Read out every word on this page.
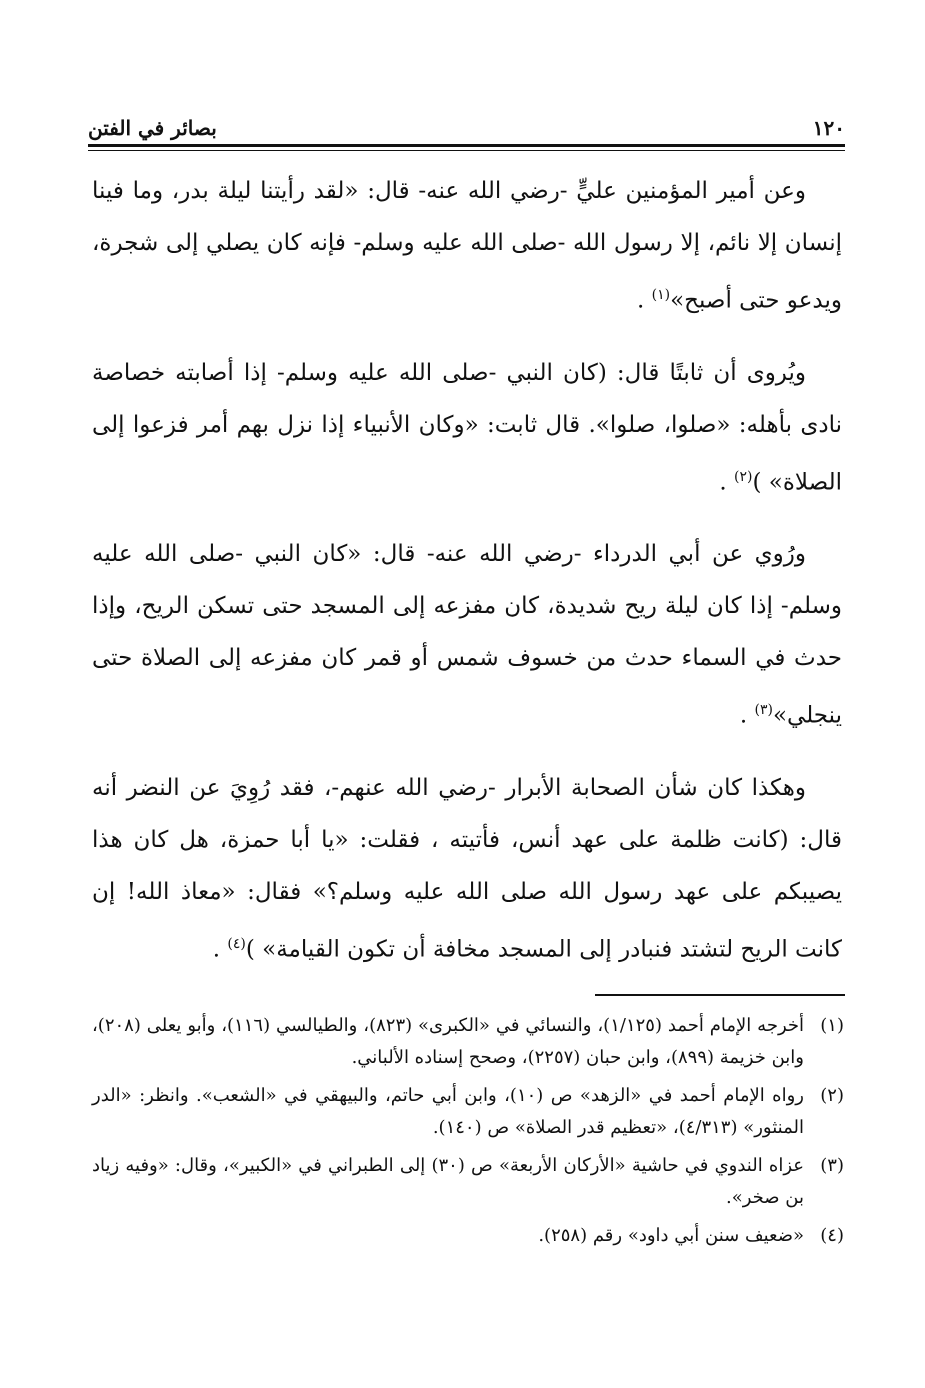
١٢٠
بصائر في الفتن

وعن أمير المؤمنين عليٍّ -رضي الله عنه- قال: «لقد رأيتنا ليلة بدر، وما فينا إنسان إلا نائم، إلا رسول الله -صلى الله عليه وسلم- فإنه كان يصلي إلى شجرة، ويدعو حتى أصبح»$^{(١)}$ .

ويُروى أن ثابتًا قال: (كان النبي -صلى الله عليه وسلم- إذا أصابته خصاصة نادى بأهله: «صلوا، صلوا». قال ثابت: «وكان الأنبياء إذا نزل بهم أمر فزعوا إلى الصلاة» )$^{(٢)}$ .

ورُوي عن أبي الدرداء -رضي الله عنه- قال: «كان النبي -صلى الله عليه وسلم- إذا كان ليلة ريح شديدة، كان مفزعه إلى المسجد حتى تسكن الريح، وإذا حدث في السماء حدث من خسوف شمس أو قمر كان مفزعه إلى الصلاة حتى ينجلي»$^{(٣)}$ .

وهكذا كان شأن الصحابة الأبرار -رضي الله عنهم-، فقد رُوِيَ عن النضر أنه قال: (كانت ظلمة على عهد أنس، فأتيته ، فقلت: «يا أبا حمزة، هل كان هذا يصيبكم على عهد رسول الله صلى الله عليه وسلم؟» فقال: «معاذ الله! إن كانت الريح لتشتد فنبادر إلى المسجد مخافة أن تكون القيامة» )$^{(٤)}$ .

(١)
أخرجه الإمام أحمد (١/١٢٥)، والنسائي في «الكبرى» (٨٢٣)، والطيالسي (١١٦)، وأبو يعلى (٢٠٨)، وابن خزيمة (٨٩٩)، وابن حبان (٢٢٥٧)، وصحح إسناده الألباني.
(٢)
رواه الإمام أحمد في «الزهد» ص (١٠)، وابن أبي حاتم، والبيهقي في «الشعب». وانظر: «الدر المنثور» (٤/٣١٣)، «تعظيم قدر الصلاة» ص (١٤٠).
(٣)
عزاه الندوي في حاشية «الأركان الأربعة» ص (٣٠) إلى الطبراني في «الكبير»، وقال: «وفيه زياد بن صخر».
(٤)
«ضعيف سنن أبي داود» رقم (٢٥٨).
